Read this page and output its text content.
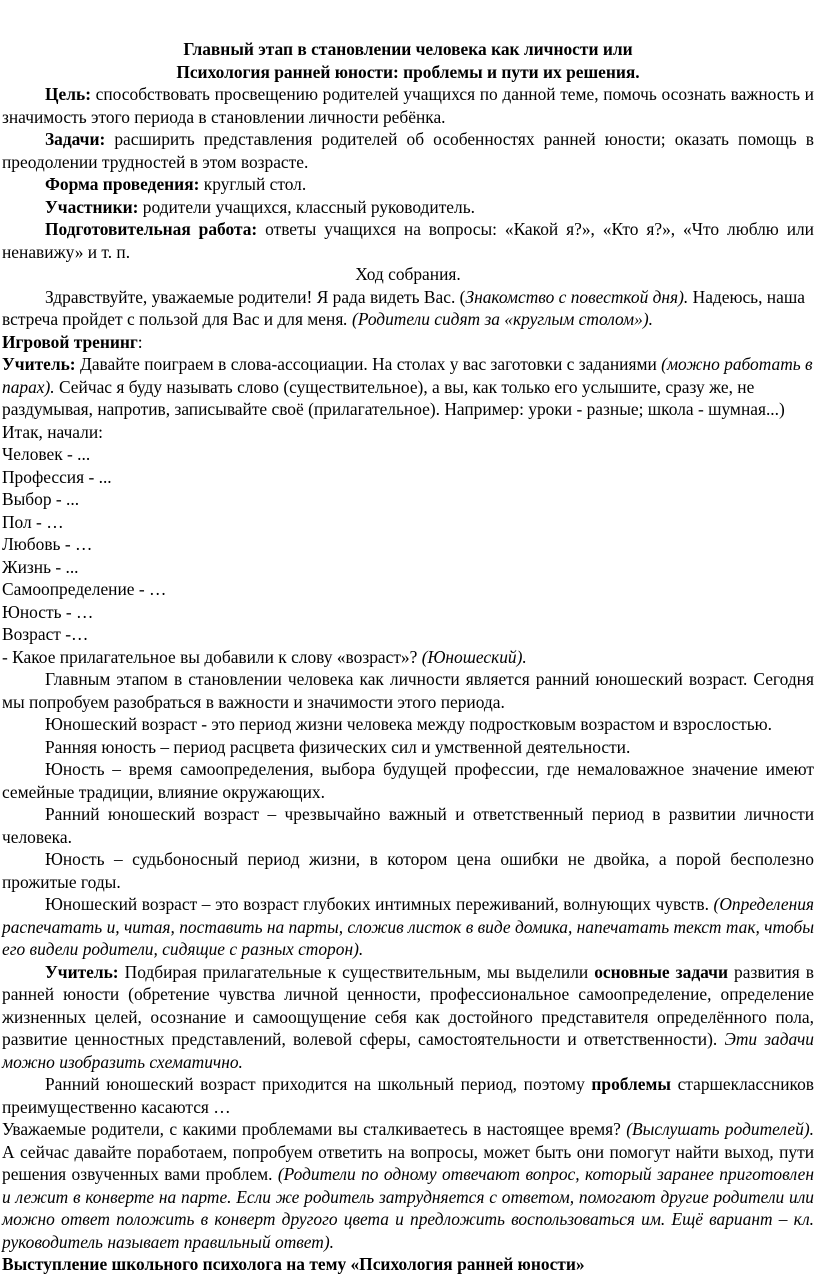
Главный этап в становлении человека как личности или

Психология ранней юности: проблемы и пути их решения.

Цель: способствовать просвещению родителей учащихся по данной теме, помочь осознать важность и значимость этого периода в становлении личности ребёнка.

Задачи: расширить представления родителей об особенностях ранней юности; оказать помощь в преодолении трудностей в этом возрасте.

Форма проведения: круглый стол.

Участники: родители учащихся, классный руководитель.

Подготовительная работа: ответы учащихся на вопросы: «Какой я?», «Кто я?», «Что люблю или ненавижу» и т. п.

Ход собрания.

Здравствуйте, уважаемые родители! Я рада видеть Вас. (Знакомство с повесткой дня). Надеюсь, наша встреча пройдет с пользой для Вас и для меня. (Родители сидят за «круглым столом»).

Игровой тренинг:

Учитель: Давайте поиграем в слова-ассоциации. На столах у вас заготовки с заданиями (можно работать в парах). Сейчас я буду называть слово (существительное), а вы, как только его услышите, сразу же, не раздумывая, напротив, записывайте своё (прилагательное). Например: уроки - разные; школа - шумная...)

Итак, начали:

Человек - ...

Профессия - ...

Выбор - ...

Пол - …

Любовь - …

Жизнь - ...

Самоопределение - …

Юность - …

Возраст -…

- Какое прилагательное вы добавили к слову «возраст»? (Юношеский).

Главным этапом в становлении человека как личности является ранний юношеский возраст. Сегодня мы попробуем разобраться в важности и значимости этого периода.

Юношеский возраст - это период жизни человека между подростковым возрастом и взрослостью.

Ранняя юность – период расцвета физических сил и умственной деятельности.

Юность – время самоопределения, выбора будущей профессии, где немаловажное значение имеют семейные традиции, влияние окружающих.

Ранний юношеский возраст – чрезвычайно важный и ответственный период в развитии личности человека.

Юность – судьбоносный период жизни, в котором цена ошибки не двойка, а порой бесполезно прожитые годы.

Юношеский возраст – это возраст глубоких интимных переживаний, волнующих чувств. (Определения распечатать и, читая, поставить на парты, сложив листок в виде домика, напечатать текст так, чтобы его видели родители, сидящие с разных сторон).

Учитель: Подбирая прилагательные к существительным, мы выделили основные задачи развития в ранней юности (обретение чувства личной ценности, профессиональное самоопределение, определение жизненных целей, осознание и самоощущение себя как достойного представителя определённого пола, развитие ценностных представлений, волевой сферы, самостоятельности и ответственности). Эти задачи можно изобразить схематично.

Ранний юношеский возраст приходится на школьный период, поэтому проблемы старшеклассников преимущественно касаются …

Уважаемые родители, с какими проблемами вы сталкиваетесь в настоящее время? (Выслушать родителей). А сейчас давайте поработаем, попробуем ответить на вопросы, может быть они помогут найти выход, пути решения озвученных вами проблем. (Родители по одному отвечают вопрос, который заранее приготовлен и лежит в конверте на парте. Если же родитель затрудняется с ответом, помогают другие родители или можно ответ положить в конверт другого цвета и предложить воспользоваться им. Ещё вариант – кл. руководитель называет правильный ответ).

Выступление школьного психолога на тему «Психология ранней юности»
